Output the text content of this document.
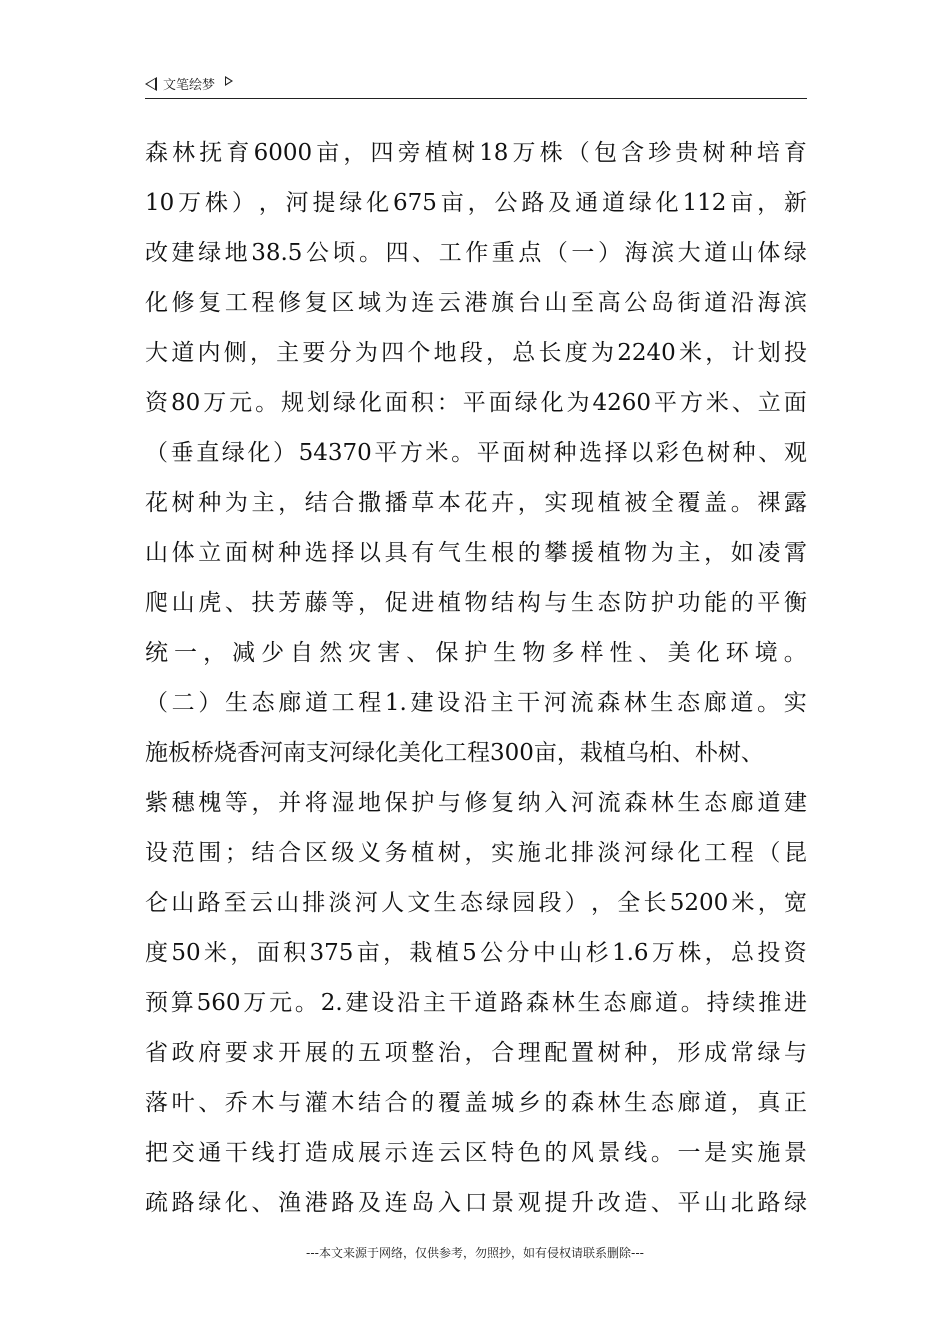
文笔绘梦
森 林 抚 育 6000 亩 ， 四 旁 植 树 18 万 株 （ 包 含 珍 贵 树 种 培 育
10 万 株 ） ， 河 提 绿 化 675 亩 ， 公 路 及 通 道 绿 化 112 亩 ， 新
改 建 绿 地 38.5 公 顷 。 四 、 工 作 重 点 （ 一 ） 海 滨 大 道 山 体 绿
化 修 复 工 程 修 复 区 域 为 连 云 港 旗 台 山 至 高 公 岛 街 道 沿 海 滨
大 道 内 侧 ， 主 要 分 为 四 个 地 段 ， 总 长 度 为 2240 米 ， 计 划 投
资 80 万 元 。 规 划 绿 化 面 积 ： 平 面 绿 化 为 4260 平 方 米 、 立 面
（ 垂 直 绿 化 ） 54370 平 方 米 。 平 面 树 种 选 择 以 彩 色 树 种 、 观
花 树 种 为 主 ， 结 合 撒 播 草 本 花 卉 ， 实 现 植 被 全 覆 盖 。 裸 露
山 体 立 面 树 种 选 择 以 具 有 气 生 根 的 攀 援 植 物 为 主 ， 如 凌 霄
爬 山 虎 、 扶 芳 藤 等 ， 促 进 植 物 结 构 与 生 态 防 护 功 能 的 平 衡
统 一 ， 减 少 自 然 灾 害 、 保 护 生 物 多 样 性 、 美 化 环 境 。
（ 二 ） 生 态 廊 道 工 程 1. 建 设 沿 主 干 河 流 森 林 生 态 廊 道 。 实
施板桥烧香河南支河绿化美化工程300亩，栽植乌桕、朴树、
紫 穗 槐 等 ， 并 将 湿 地 保 护 与 修 复 纳 入 河 流 森 林 生 态 廊 道 建
设 范 围 ； 结 合 区 级 义 务 植 树 ， 实 施 北 排 淡 河 绿 化 工 程 （ 昆
仑 山 路 至 云 山 排 淡 河 人 文 生 态 绿 园 段 ） ， 全 长 5200 米 ， 宽
度 50 米 ， 面 积 375 亩 ， 栽 植 5 公 分 中 山 杉 1.6 万 株 ， 总 投 资
预 算 560 万 元 。 2. 建 设 沿 主 干 道 路 森 林 生 态 廊 道 。 持 续 推 进
省 政 府 要 求 开 展 的 五 项 整 治 ， 合 理 配 置 树 种 ， 形 成 常 绿 与
落 叶 、 乔 木 与 灌 木 结 合 的 覆 盖 城 乡 的 森 林 生 态 廊 道 ， 真 正
把 交 通 干 线 打 造 成 展 示 连 云 区 特 色 的 风 景 线 。 一 是 实 施 景
疏 路 绿 化 、 渔 港 路 及 连 岛 入 口 景 观 提 升 改 造 、 平 山 北 路 绿
---本文来源于网络，仅供参考，勿照抄，如有侵权请联系删除---
